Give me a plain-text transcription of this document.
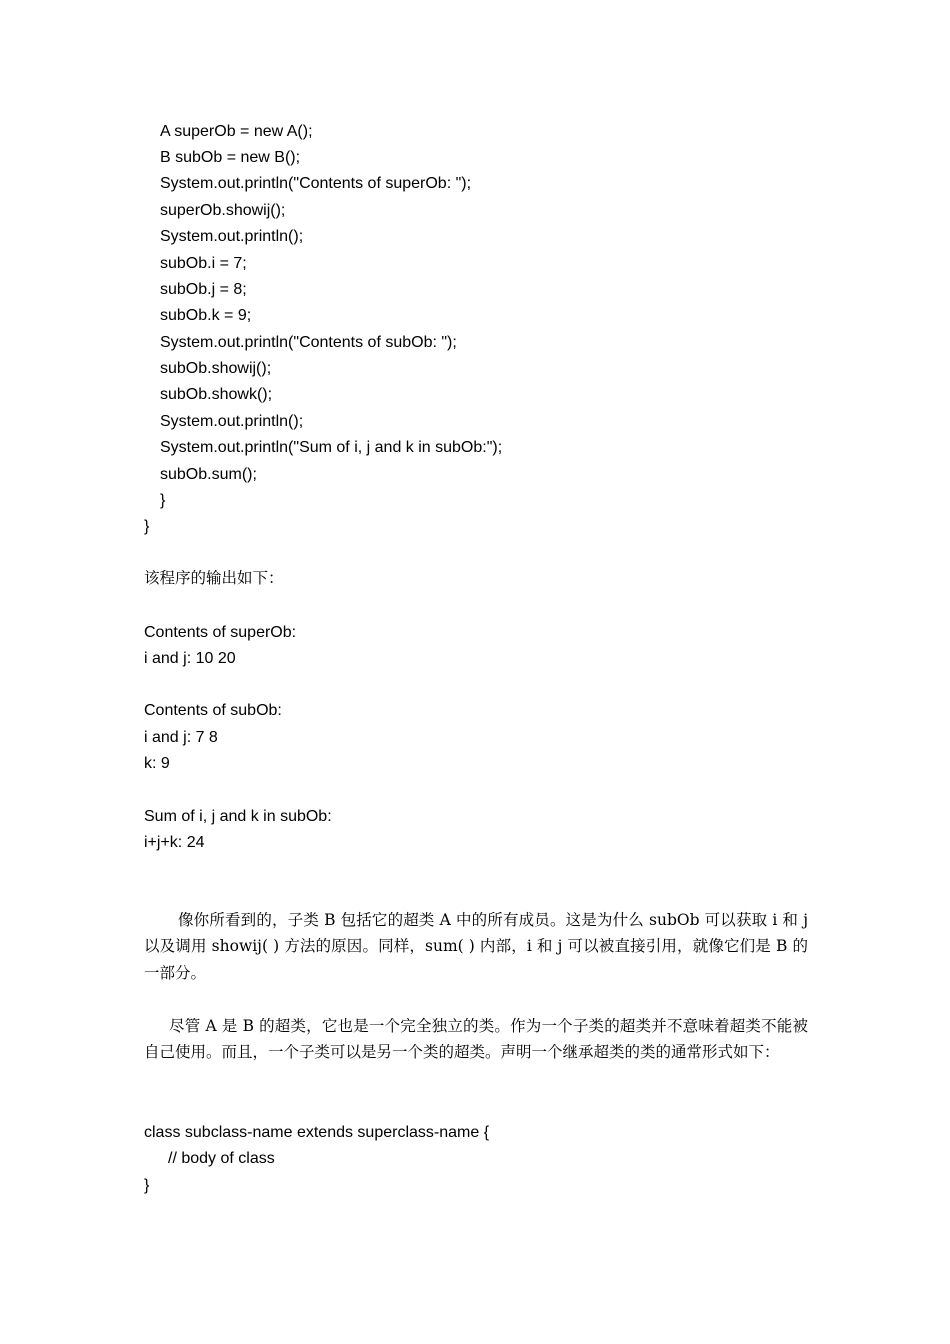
A superOb = new A();
B subOb = new B();
System.out.println("Contents of superOb: ");
superOb.showij();
System.out.println();
subOb.i = 7;
subOb.j = 8;
subOb.k = 9;
System.out.println("Contents of subOb: ");
subOb.showij();
subOb.showk();
System.out.println();
System.out.println("Sum of i, j and k in subOb:");
subOb.sum();
}
}
该程序的输出如下：
Contents of superOb:
i and j: 10 20
Contents of subOb:
i and j: 7 8
k: 9
Sum of i, j and k in subOb:
i+j+k: 24
像你所看到的，子类 B 包括它的超类 A 中的所有成员。这是为什么 subOb 可以获取 i 和 j 以及调用 showij( ) 方法的原因。同样，sum( ) 内部，i 和 j 可以被直接引用，就像它们是 B 的一部分。
尽管 A 是 B 的超类，它也是一个完全独立的类。作为一个子类的超类并不意味着超类不能被自己使用。而且，一个子类可以是另一个类的超类。声明一个继承超类的类的通常形式如下：
class subclass-name extends superclass-name {
// body of class
}
